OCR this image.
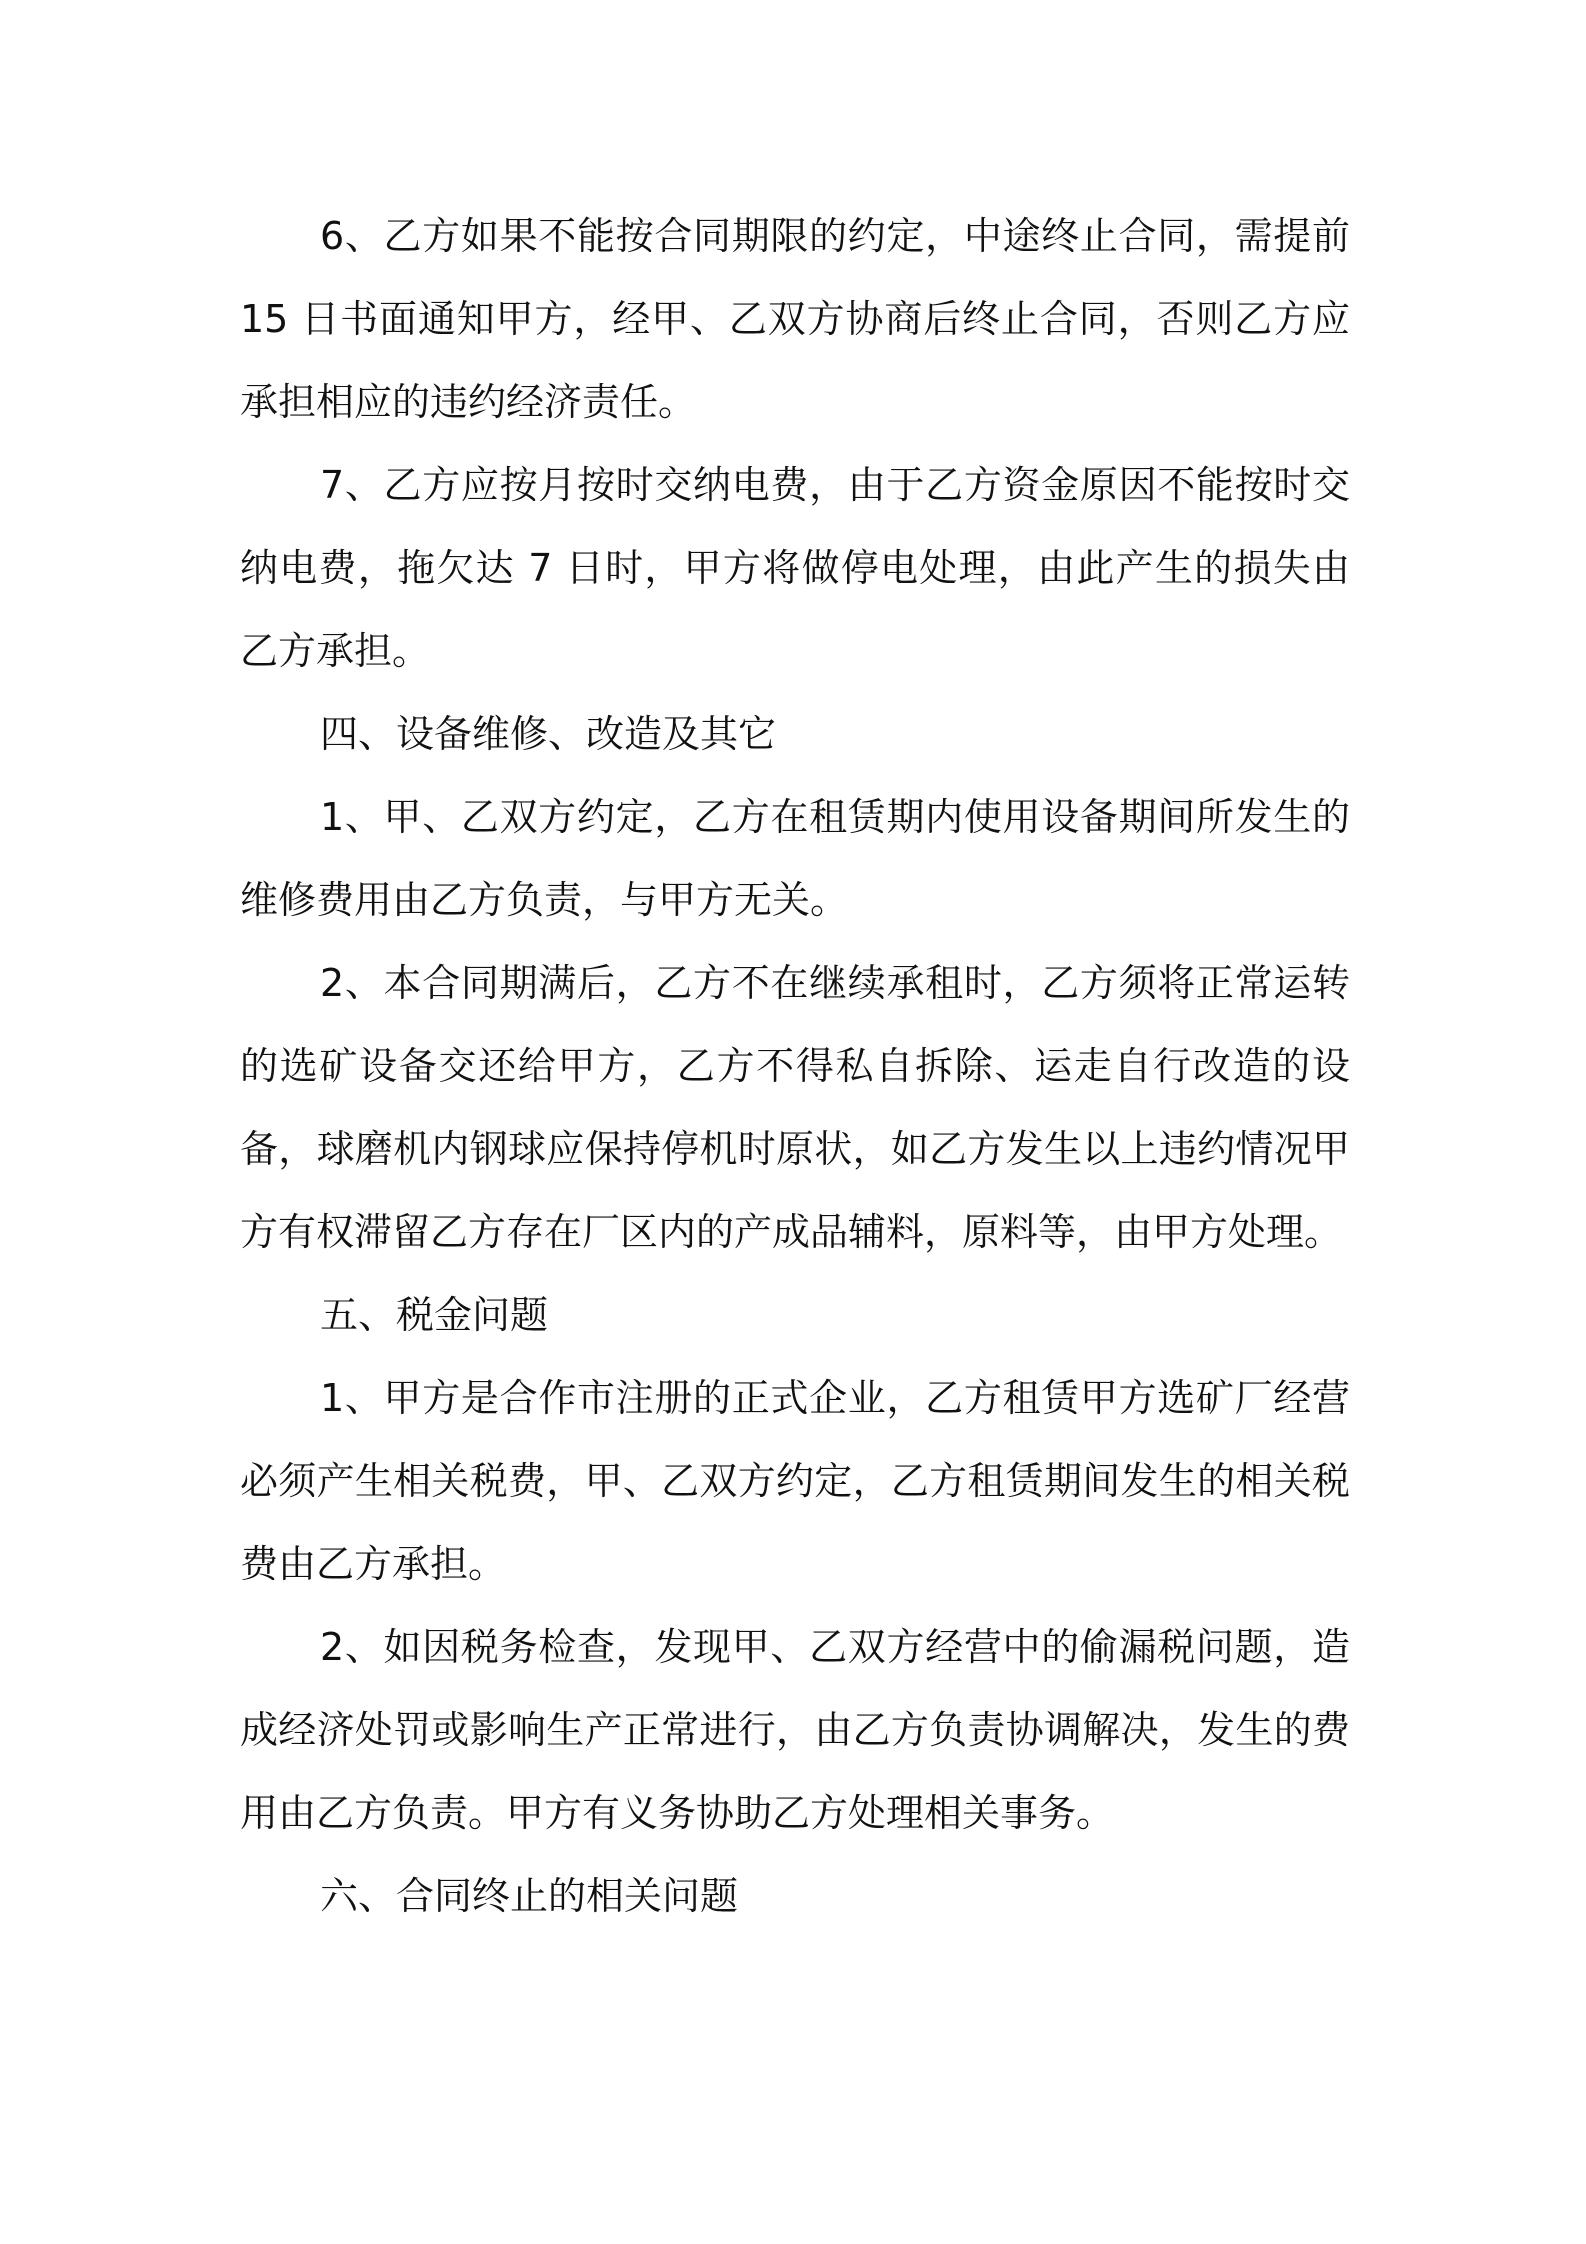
6、乙方如果不能按合同期限的约定，中途终止合同，需提前 15 日书面通知甲方，经甲、乙双方协商后终止合同，否则乙方应承担相应的违约经济责任。

7、乙方应按月按时交纳电费，由于乙方资金原因不能按时交纳电费，拖欠达 7 日时，甲方将做停电处理，由此产生的损失由乙方承担。

四、设备维修、改造及其它

1、甲、乙双方约定，乙方在租赁期内使用设备期间所发生的维修费用由乙方负责，与甲方无关。

2、本合同期满后，乙方不在继续承租时，乙方须将正常运转的选矿设备交还给甲方，乙方不得私自拆除、运走自行改造的设备，球磨机内钢球应保持停机时原状，如乙方发生以上违约情况甲方有权滞留乙方存在厂区内的产成品辅料，原料等，由甲方处理。

五、税金问题

1、甲方是合作市注册的正式企业，乙方租赁甲方选矿厂经营必须产生相关税费，甲、乙双方约定，乙方租赁期间发生的相关税费由乙方承担。

2、如因税务检查，发现甲、乙双方经营中的偷漏税问题，造成经济处罚或影响生产正常进行，由乙方负责协调解决，发生的费用由乙方负责。甲方有义务协助乙方处理相关事务。

六、合同终止的相关问题
